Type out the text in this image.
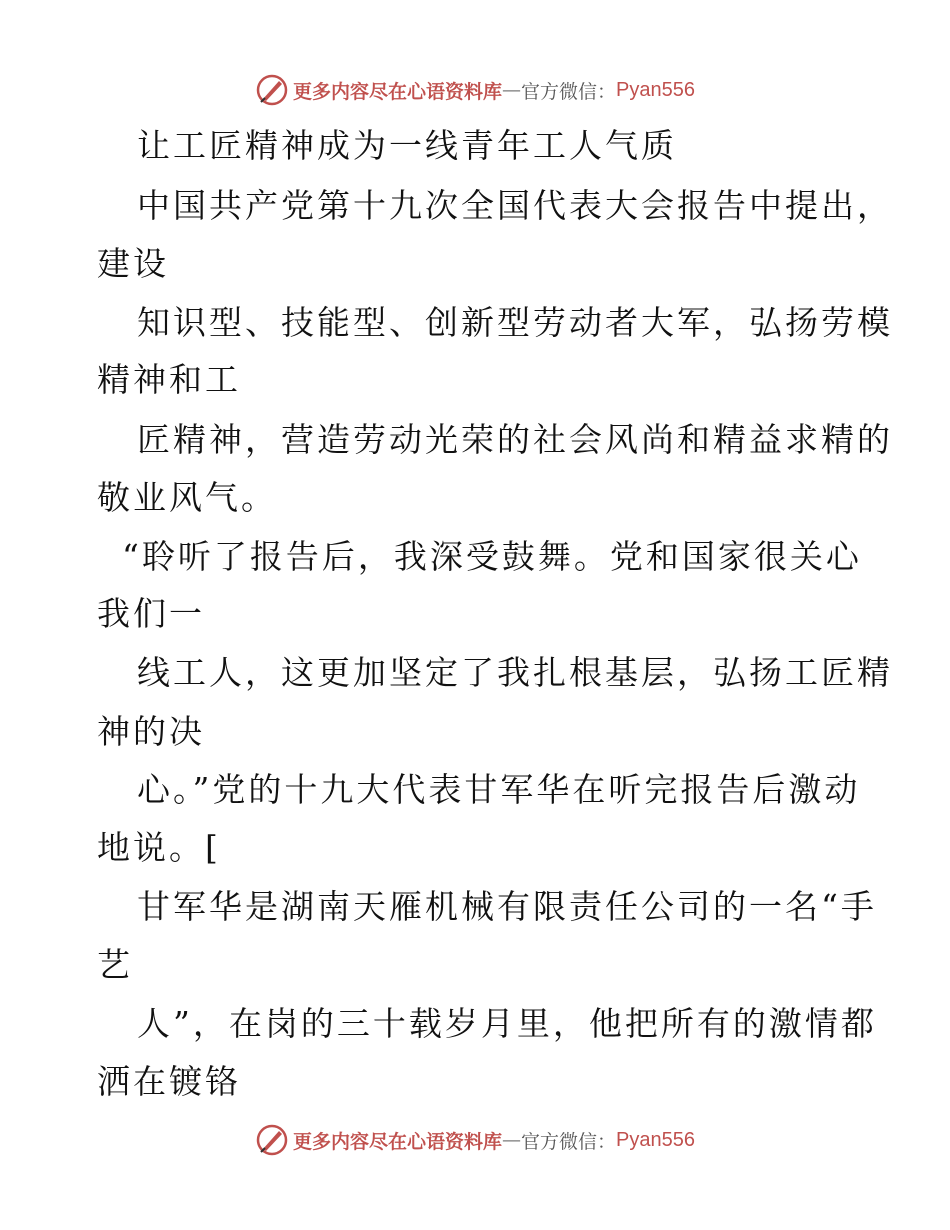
更多内容尽在心语资料库 — 官方微信： Pyan556
让工匠精神成为一线青年工人气质
中国共产党第十九次全国代表大会报告中提出，
建设
知识型、技能型、创新型劳动者大军，弘扬劳模
精神和工
匠精神，营造劳动光荣的社会风尚和精益求精的
敬业风气。
“聆听了报告后，我深受鼓舞。党和国家很关心
我们一
线工人，这更加坚定了我扎根基层，弘扬工匠精
神的决
心。”党的十九大代表甘军华在听完报告后激动
地说。[
甘军华是湖南天雁机械有限责任公司的一名“手
艺
人”，在岗的三十载岁月里，他把所有的激情都
洒在镀铬
更多内容尽在心语资料库 — 官方微信： Pyan556
